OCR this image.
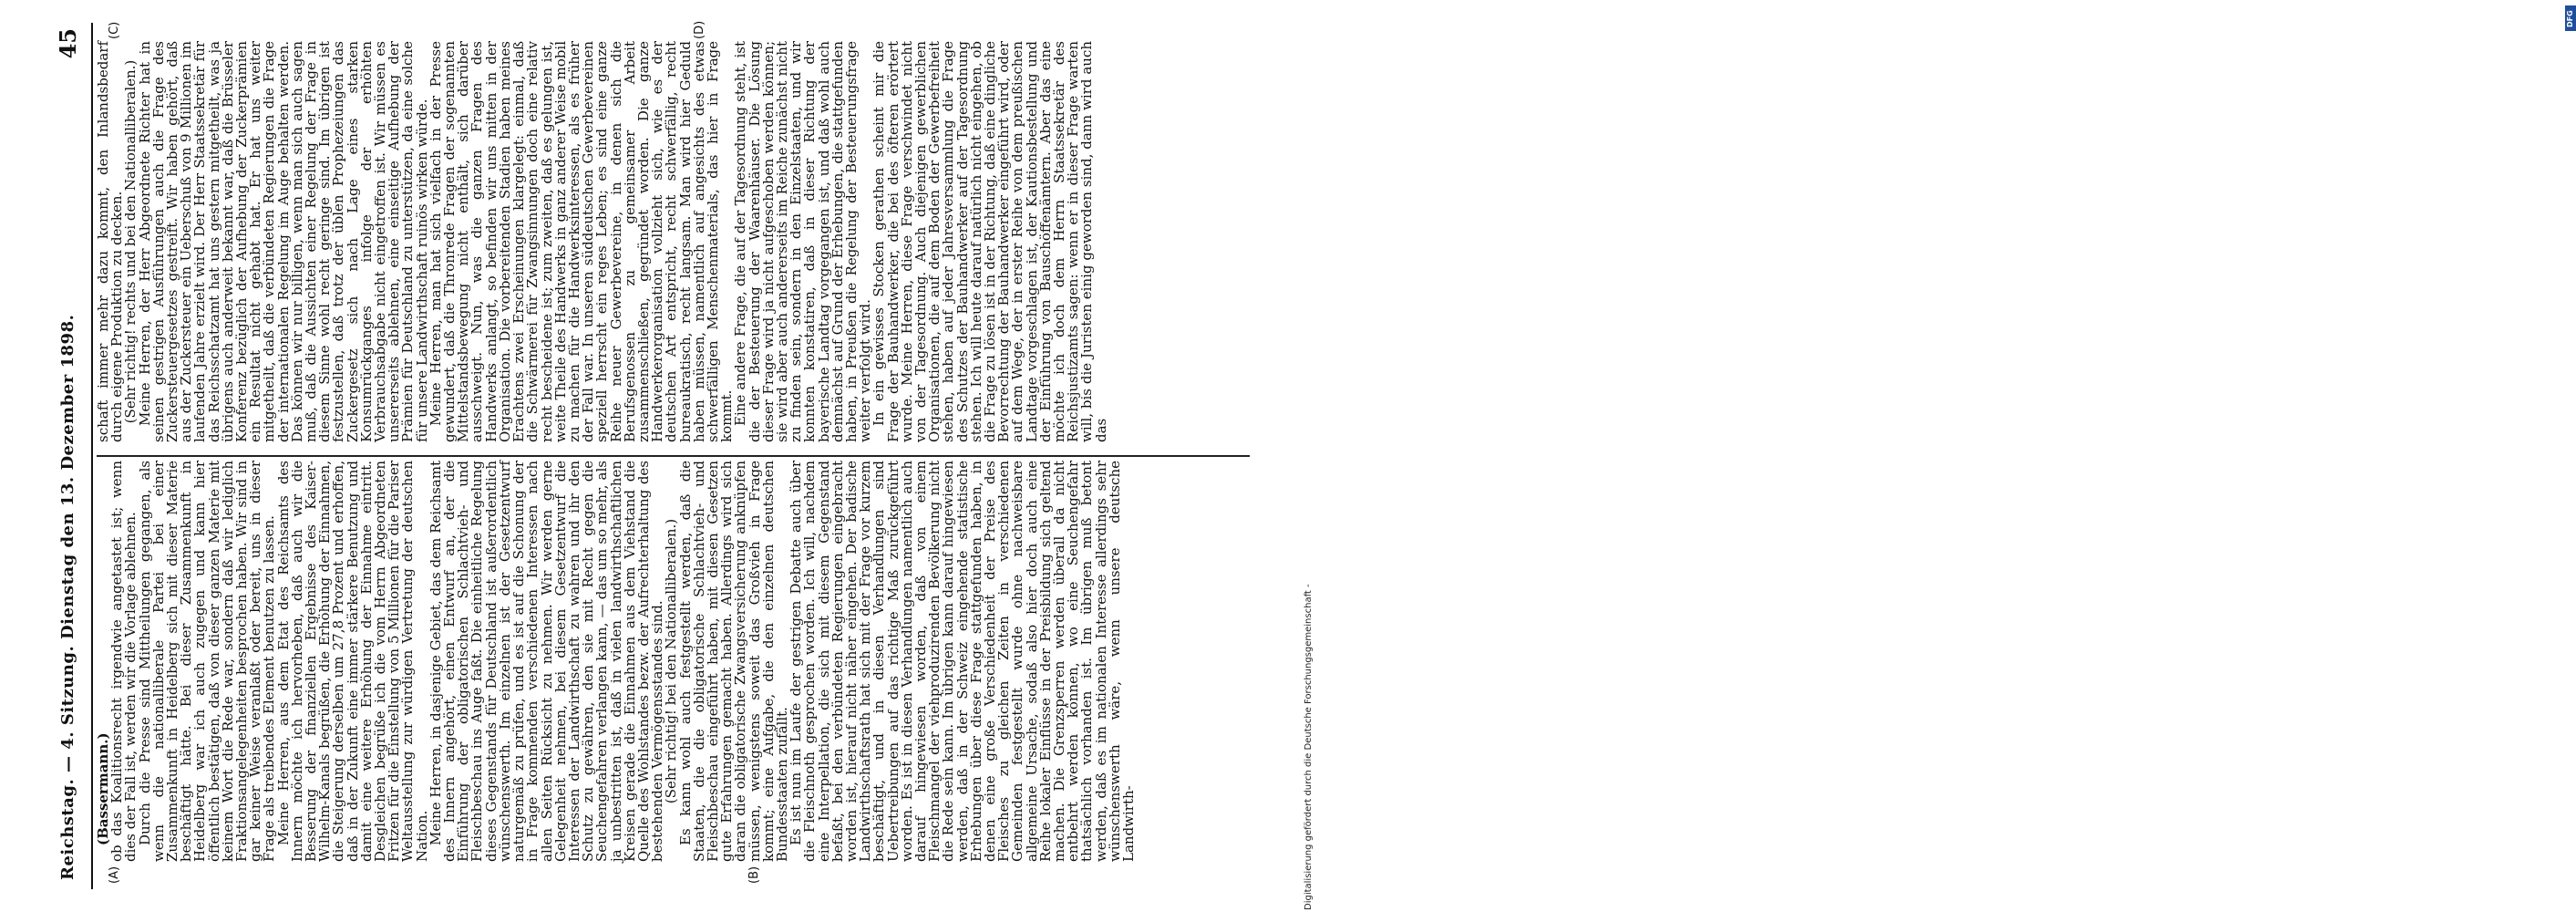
Reichstag. — 4. Sitzung. Dienstag den 13. Dezember 1898.
45
(A)	(B)
(C)	(D)

(Bassermann.)

ob das Koalitionsrecht irgendwie angetastet ist; wenn dies der Fall ist, werden wir die Vorlage ablehnen.

Durch die Presse sind Mittheilungen gegangen, als wenn die nationalliberale Partei bei einer Zusammenkunft in Heidelberg sich mit dieser Materie beschäftigt hätte. Bei dieser Zusammenkunft in Heidelberg war ich auch zugegen und kann hier öffentlich bestätigen, daß von dieser ganzen Materie mit keinem Wort die Rede war, sondern daß wir lediglich Fraktionsangelegenheiten besprochen haben. Wir sind in gar keiner Weise veranlaßt oder bereit, uns in dieser Frage als treibendes Element benutzen zu lassen.

Meine Herren, aus dem Etat des Reichsamts des Innern möchte ich hervorheben, daß auch wir die Besserung der finanziellen Ergebnisse des Kaiser-Wilhelm-Kanals begrüßen, die Erhöhung der Einnahmen, die Steigerung derselben um 27,8 Prozent und erhoffen, daß in der Zukunft eine immer stärkere Benutzung und damit eine weitere Erhöhung der Einnahme eintritt. Desgleichen begrüße ich die vom Herrn Abgeordneten Fritzen für die Einstellung von 5 Millionen für die Pariser Weltausstellung zur würdigen Vertretung der deutschen Nation.

Meine Herren, in dasjenige Gebiet, das dem Reichsamt des Innern angehört, einen Entwurf an, der die Einführung der obligatorischen Schlachtvieh- und Fleischbeschau ins Auge faßt. Die einheitliche Regelung dieses Gegenstands für Deutschland ist außerordentlich wünschenswerth. Im einzelnen ist der Gesetzentwurf naturgemäß zu prüfen, und es ist auf die Schonung der in Frage kommenden verschiedenen Interessen nach allen Seiten Rücksicht zu nehmen. Wir werden gerne Gelegenheit nehmen, bei diesem Gesetzentwurf die Interessen der Landwirthschaft zu wahren und ihr den Schutz zu gewähren, den sie mit Recht gegen die Seuchengefahren verlangen kann, — das um so mehr, als ja unbestritten ist, daß in vielen landwirthschaftlichen Kreisen gerade die Einnahmen aus dem Viehstand die Quelle des Wohlstandes bezw. der Aufrechterhaltung des bestehenden Vermögensstandes sind.

(Sehr richtig! bei den Nationalliberalen.)

Es kann wohl auch festgestellt werden, daß die Staaten, die die obligatorische Schlachtvieh- und Fleischbeschau eingeführt haben, mit diesen Gesetzen gute Erfahrungen gemacht haben. Allerdings wird sich daran die obligatorische Zwangsversicherung anknüpfen müssen, wenigstens soweit das Großvieh in Frage kommt; eine Aufgabe, die den einzelnen deutschen Bundesstaaten zufällt.

Es ist nun im Laufe der gestrigen Debatte auch über die Fleischnoth gesprochen worden. Ich will, nachdem eine Interpellation, die sich mit diesem Gegenstand befaßt, bei den verbündeten Regierungen eingebracht worden ist, hierauf nicht näher eingehen. Der badische Landwirthschaftsrath hat sich mit der Frage vor kurzem beschäftigt, und in diesen Verhandlungen sind Uebertreibungen auf das richtige Maß zurückgeführt worden. Es ist in diesen Verhandlungen namentlich auch darauf hingewiesen worden, daß von einem Fleischmangel der viehproduzirenden Bevölkerung nicht die Rede sein kann. Im übrigen kann darauf hingewiesen werden, daß in der Schweiz eingehende statistische Erhebungen über diese Frage stattgefunden haben, in denen eine große Verschiedenheit der Preise des Fleisches zu gleichen Zeiten in verschiedenen Gemeinden festgestellt wurde ohne nachweisbare allgemeine Ursache, sodaß also hier doch auch eine Reihe lokaler Einflüsse in der Preisbildung sich geltend machen. Die Grenzsperren werden überall da nicht entbehrt werden können, wo eine Seuchengefahr thatsächlich vorhanden ist. Im übrigen muß betont werden, daß es im nationalen Interesse allerdings sehr wünschenswerth wäre, wenn unsere deutsche Landwirth-

schaft immer mehr dazu kommt, den Inlandsbedarf durch eigene Produktion zu decken.

(Sehr richtig! rechts und bei den Nationalliberalen.)

Meine Herren, der Herr Abgeordnete Richter hat in seinen gestrigen Ausführungen auch die Frage des Zuckersteuergesetzes gestreift. Wir haben gehört, daß aus der Zuckersteuer ein Ueberschuß von 9 Millionen im laufenden Jahre erzielt wird. Der Herr Staatssekretär für das Reichsschatzamt hat uns gestern mitgetheilt, was ja übrigens auch anderweit bekannt war, daß die Brüsseler Konferenz bezüglich der Aufhebung der Zuckerprämien ein Resultat nicht gehabt hat. Er hat uns weiter mitgetheilt, daß die verbündeten Regierungen die Frage der internationalen Regelung im Auge behalten werden. Das können wir nur billigen, wenn man sich auch sagen muß, daß die Aussichten einer Regelung der Frage in diesem Sinne wohl recht geringe sind. Im übrigen ist festzustellen, daß trotz der üblen Prophezeiungen das Zuckergesetz sich nach Lage eines starken Konsumrückganges infolge der erhöhten Verbrauchsabgabe nicht eingetroffen ist. Wir müssen es unsererseits ablehnen, eine einseitige Aufhebung der Prämien für Deutschland zu unterstützen, da eine solche für unsere Landwirthschaft ruinös wirken würde.

Meine Herren, man hat sich vielfach in der Presse gewundert, daß die Thronrede Fragen der sogenannten Mittelstandsbewegung nicht enthält, sich darüber ausschweigt. Nun, was die ganzen Fragen des Handwerks anlangt, so befinden wir uns mitten in der Organisation. Die vorbereitenden Stadien haben meines Erachtens zwei Erscheinungen klargelegt: einmal, daß die Schwärmerei für Zwangsinnungen doch eine relativ recht bescheidene ist; zum zweiten, daß es gelungen ist, weite Theile des Handwerks in ganz anderer Weise mobil zu machen für die Handwerksinteressen, als es früher der Fall war. In unseren süddeutschen Gewerbevereinen speziell herrscht ein reges Leben; es sind eine ganze Reihe neuer Gewerbevereine, in denen sich die Berufsgenossen zu gemeinsamer Arbeit zusammenschließen, gegründet worden. Die ganze Handwerkerorganisation vollzieht sich, wie es der deutschen Art entspricht, recht schwerfällig, recht bureaukratisch, recht langsam. Man wird hier Geduld haben müssen, namentlich auf angesichts des etwas schwerfälligen Menschenmaterials, das hier in Frage kommt.

Eine andere Frage, die auf der Tagesordnung steht, ist die der Besteuerung der Waarenhäuser. Die Lösung dieser Frage wird ja nicht aufgeschoben werden können; sie wird aber auch andererseits im Reiche zunächst nicht zu finden sein, sondern in den Einzelstaaten, und wir konnten konstatiren, daß in dieser Richtung der bayerische Landtag vorgegangen ist, und daß wohl auch demnächst auf Grund der Erhebungen, die stattgefunden haben, in Preußen die Regelung der Besteuerungsfrage weiter verfolgt wird.

In ein gewisses Stocken gerathen scheint mir die Frage der Bauhandwerker, die bei des öfteren erörtert wurde. Meine Herren, diese Frage verschwindet nicht von der Tagesordnung. Auch diejenigen gewerblichen Organisationen, die auf dem Boden der Gewerbefreiheit stehen, haben auf jeder Jahresversammlung die Frage des Schutzes der Bauhandwerker auf der Tagesordnung stehen. Ich will heute darauf natürlich nicht eingehen, ob die Frage zu lösen ist in der Richtung, daß eine dingliche Bevorrechtung der Bauhandwerker eingeführt wird, oder auf dem Wege, der in erster Reihe von dem preußischen Landtage vorgeschlagen ist, der Kautionsbestellung und der Einführung von Bauschöffenämtern. Aber das eine möchte ich doch dem Herrn Staatssekretär des Reichsjustizamts sagen: wenn er in dieser Frage warten will, bis die Juristen einig geworden sind, dann wird auch das

DFG
Digitalisierung gefördert durch die Deutsche Forschungsgemeinschaft -
